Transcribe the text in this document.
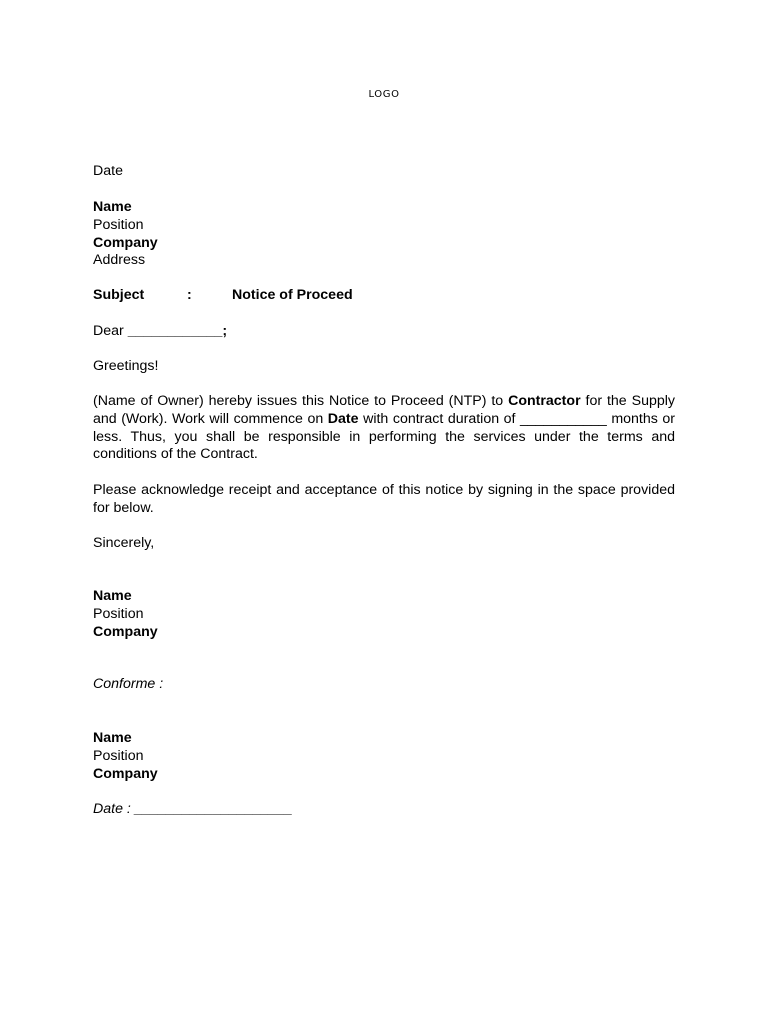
LOGO
Date
Name
Position
Company
Address
Subject	:	Notice of Proceed
Dear ____________;
Greetings!
(Name of Owner) hereby issues this Notice to Proceed (NTP) to Contractor for the Supply and (Work). Work will commence on Date with contract duration of ___________ months or less. Thus, you shall be responsible in performing the services under the terms and conditions of the Contract.
Please acknowledge receipt and acceptance of this notice by signing in the space provided for below.
Sincerely,
Name
Position
Company
Conforme :
Name
Position
Company
Date : ____________________
